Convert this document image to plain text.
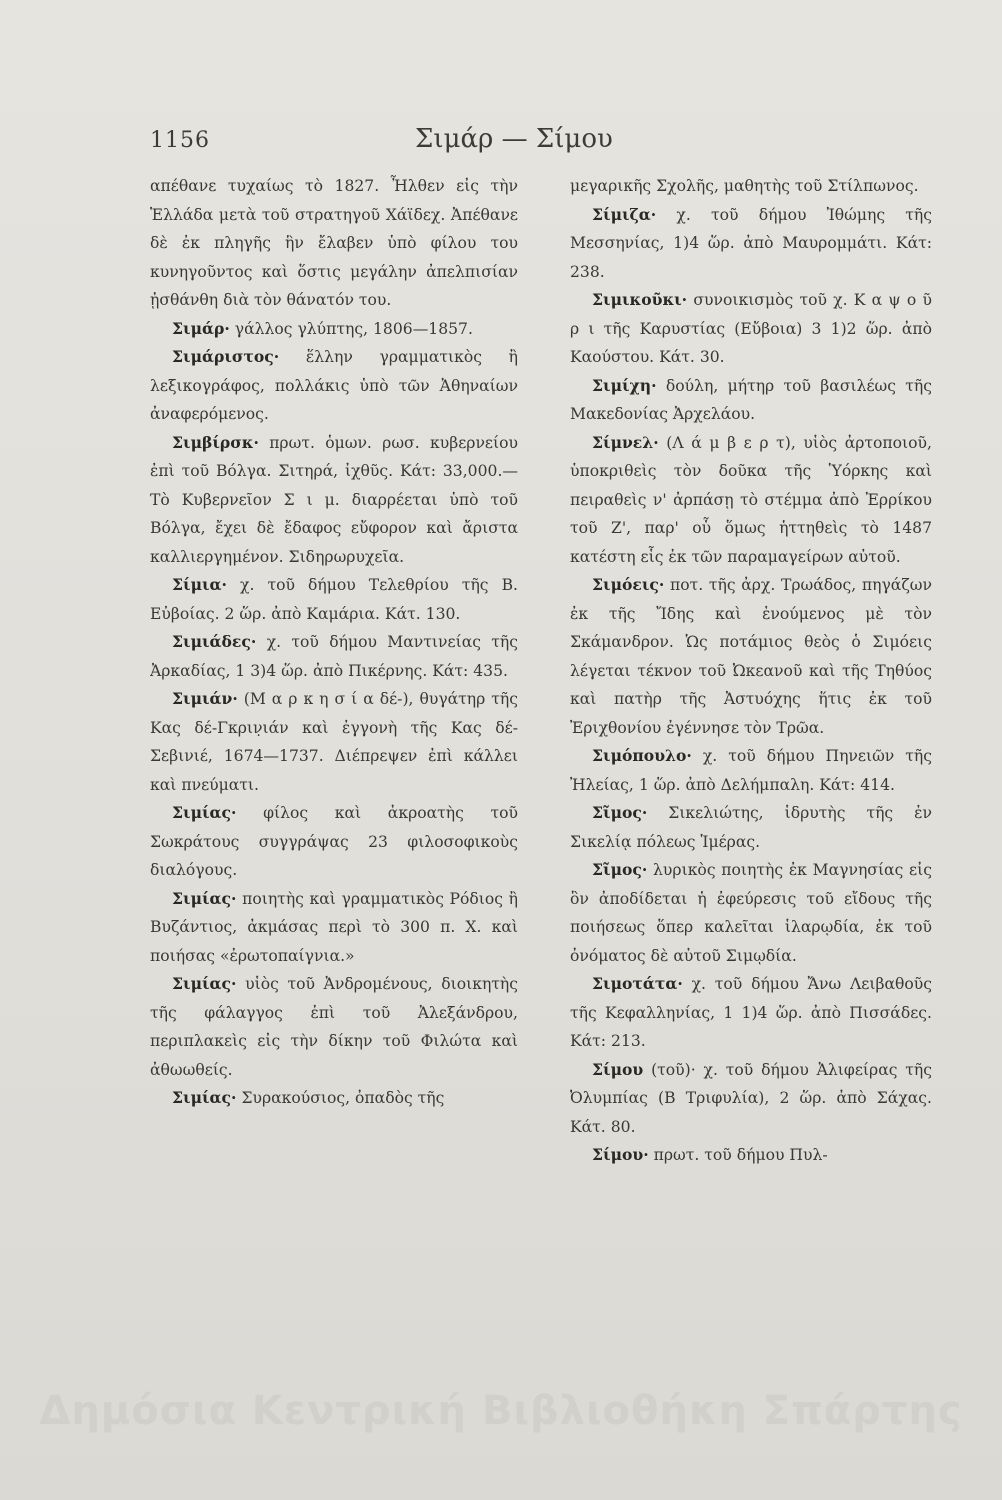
1156	Σιμάρ — Σίμου

απέθανε τυχαίως τὸ 1827. Ἦλθεν εἰς τὴν Ἑλλάδα μετὰ τοῦ στρατηγοῦ Χάϊδεχ. Ἀπέθανε δὲ ἐκ πληγῆς ἣν ἔλαβεν ὑπὸ φίλου του κυνηγοῦντος καὶ ὅστις μεγάλην ἀπελπισίαν ᾐσθάνθη διὰ τὸν θάνατόν του.

Σιμάρ· γάλλος γλύπτης, 1806—1857.

Σιμάριστος· ἕλλην γραμματικὸς ἢ λεξικογράφος, πολλάκις ὑπὸ τῶν Ἀθηναίων ἀναφερόμενος.

Σιμβίρσκ· πρωτ. ὁμων. ρωσ. κυβερνείου ἐπὶ τοῦ Βόλγα. Σιτηρά, ἰχθῦς. Κάτ: 33,000.—Τὸ Κυβερνεῖον Σ ι μ. διαρρέεται ὑπὸ τοῦ Βόλγα, ἔχει δὲ ἔδαφος εὔφορον καὶ ἄριστα καλλιεργημένον. Σιδηρωρυχεῖα.

Σίμια· χ. τοῦ δήμου Τελεθρίου τῆς Β. Εὐβοίας. 2 ὥρ. ἀπὸ Καμάρια. Κάτ. 130.

Σιμιάδες· χ. τοῦ δήμου Μαντινείας τῆς Ἀρκαδίας, 1 3)4 ὥρ. ἀπὸ Πικέρνης. Κάτ: 435.

Σιμιάν· (Μ α ρ κ η σ ί α δέ-), θυγάτηρ τῆς Κας δέ-Γκριν̣ιάν καὶ ἐγγονὴ τῆς Κας δέ-Σεβινιέ, 1674—1737. Διέπρεψεν ἐπὶ κάλλει καὶ πνεύματι.

Σιμίας· φίλος καὶ ἀκροατὴς τοῦ Σωκράτους συγγράψας 23 φιλοσοφικοὺς διαλόγους.

Σιμίας· ποιητὴς καὶ γραμματικὸς Ρόδιος ἢ Βυζάντιος, ἀκμάσας περὶ τὸ 300 π. Χ. καὶ ποιήσας «ἐρωτοπαίγνια.»

Σιμίας· υἱὸς τοῦ Ἀνδρομένους, διοικητὴς τῆς φάλαγγος ἐπὶ τοῦ Ἀλεξάνδρου, περιπλακεὶς εἰς τὴν δίκην τοῦ Φιλώτα καὶ ἀθωωθείς.

Σιμίας· Συρακούσιος, ὀπαδὸς τῆς

μεγαρικῆς Σχολῆς, μαθητὴς τοῦ Στίλπωνος.

Σίμιζα· χ. τοῦ δήμου Ἰθώμης τῆς Μεσσηνίας, 1)4 ὥρ. ἀπὸ Μαυρομμάτι. Κάτ: 238.

Σιμικοῦκι· συνοικισμὸς τοῦ χ. Κ α ψ ο ῦ ρ ι τῆς Καρυστίας (Εὔβοια) 3 1)2 ὥρ. ἀπὸ Καούστου. Κάτ. 30.

Σιμίχη· δούλη, μήτηρ τοῦ βασιλέως τῆς Μακεδονίας Ἀρχελάου.

Σίμνελ· (Λ ά μ β ε ρ τ), υἱὸς ἀρτοποιοῦ, ὑποκριθεὶς τὸν δοῦκα τῆς Ὑόρκης καὶ πειραθεὶς ν' ἀρπάσῃ τὸ στέμμα ἀπὸ Ἐρρίκου τοῦ Ζ', παρ' οὗ ὅμως ἡττηθεὶς τὸ 1487 κατέστη εἷς ἐκ τῶν παραμαγείρων αὐτοῦ.

Σιμόεις· ποτ. τῆς ἀρχ. Τρωάδος, πηγάζων ἐκ τῆς Ἴδης καὶ ἑνούμενος μὲ τὸν Σκάμανδρον. Ὡς ποτάμιος θεὸς ὁ Σιμόεις λέγεται τέκνον τοῦ Ὠκεανοῦ καὶ τῆς Τηθύος καὶ πατὴρ τῆς Ἀστυόχης ἥτις ἐκ τοῦ Ἐριχθονίου ἐγέννησε τὸν Τρῶα.

Σιμόπουλο· χ. τοῦ δήμου Πηνειῶν τῆς Ἠλείας, 1 ὥρ. ἀπὸ Δελήμπαλη. Κάτ: 414.

Σῖμος· Σικελιώτης, ἱδρυτὴς τῆς ἐν Σικελίᾳ πόλεως Ἱμέρας.

Σῖμος· λυρικὸς ποιητὴς ἐκ Μαγνησίας εἰς ὃν ἀποδίδεται ἡ ἐφεύρεσις τοῦ εἴδους τῆς ποιήσεως ὅπερ καλεῖται ἱλαρῳδία, ἐκ τοῦ ὀνόματος δὲ αὐτοῦ Σιμῳδία.

Σιμοτάτα· χ. τοῦ δήμου Ἄνω Λειβαθοῦς τῆς Κεφαλληνίας, 1 1)4 ὥρ. ἀπὸ Πισσάδες. Κάτ: 213.

Σίμου (τοῦ)· χ. τοῦ δήμου Ἀλιφείρας τῆς Ὀλυμπίας (Β Τριφυλία), 2 ὥρ. ἀπὸ Σάχας. Κάτ. 80.

Σίμου· πρωτ. τοῦ δήμου Πυλ-

Δημόσια Κεντρική Βιβλιοθήκη Σπάρτης
